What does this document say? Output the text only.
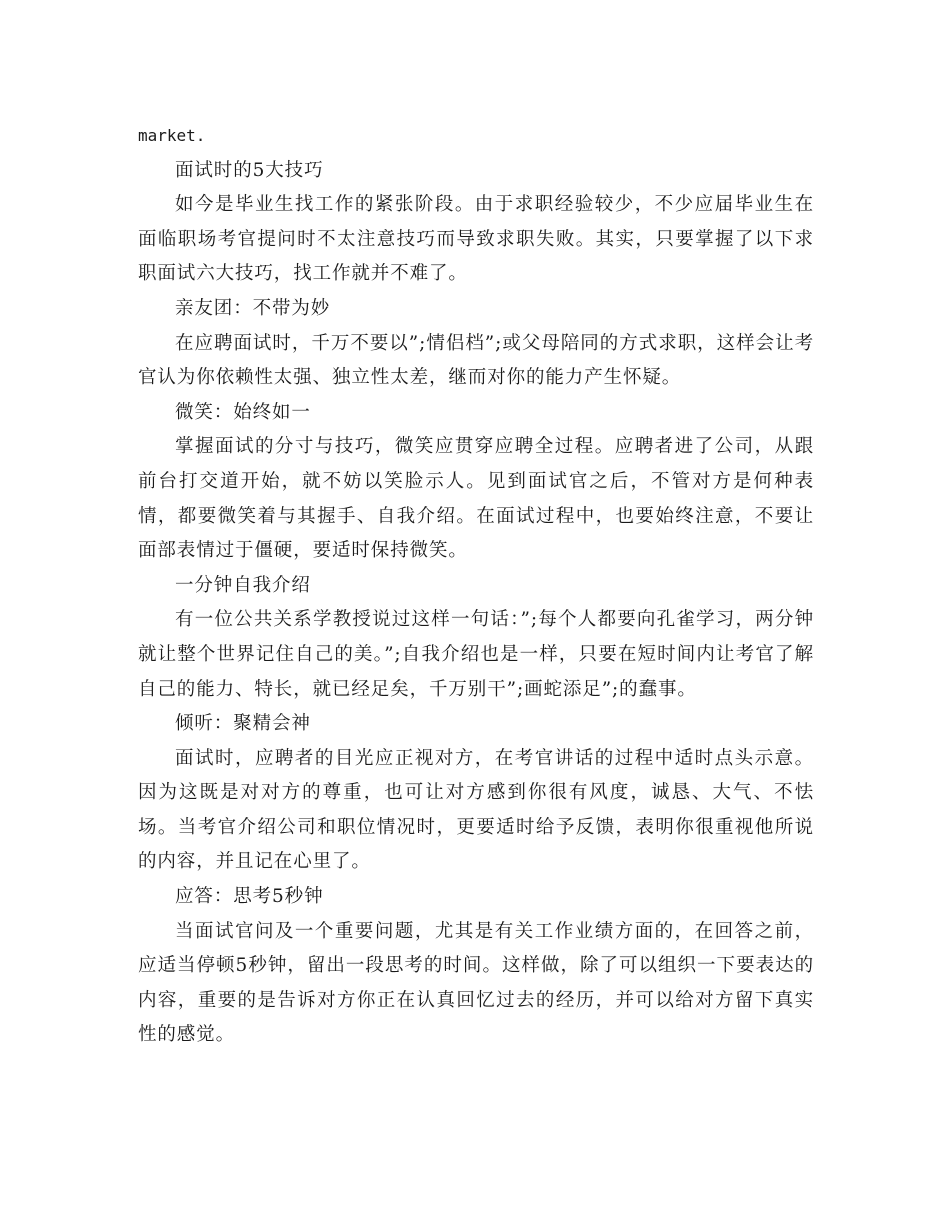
market.

面试时的5大技巧

如今是毕业生找工作的紧张阶段。由于求职经验较少，不少应届毕业生在面临职场考官提问时不太注意技巧而导致求职失败。其实，只要掌握了以下求职面试六大技巧，找工作就并不难了。

亲友团：不带为妙

在应聘面试时，千万不要以”;情侣档”;或父母陪同的方式求职，这样会让考官认为你依赖性太强、独立性太差，继而对你的能力产生怀疑。

微笑：始终如一

掌握面试的分寸与技巧，微笑应贯穿应聘全过程。应聘者进了公司，从跟前台打交道开始，就不妨以笑脸示人。见到面试官之后，不管对方是何种表情，都要微笑着与其握手、自我介绍。在面试过程中，也要始终注意，不要让面部表情过于僵硬，要适时保持微笑。

一分钟自我介绍

有一位公共关系学教授说过这样一句话：”;每个人都要向孔雀学习，两分钟就让整个世界记住自己的美。”;自我介绍也是一样，只要在短时间内让考官了解自己的能力、特长，就已经足矣，千万别干”;画蛇添足”;的蠢事。

倾听：聚精会神

面试时，应聘者的目光应正视对方，在考官讲话的过程中适时点头示意。因为这既是对对方的尊重，也可让对方感到你很有风度，诚恳、大气、不怯场。当考官介绍公司和职位情况时，更要适时给予反馈，表明你很重视他所说的内容，并且记在心里了。

应答：思考5秒钟

当面试官问及一个重要问题，尤其是有关工作业绩方面的，在回答之前，应适当停顿5秒钟，留出一段思考的时间。这样做，除了可以组织一下要表达的内容，重要的是告诉对方你正在认真回忆过去的经历，并可以给对方留下真实性的感觉。
